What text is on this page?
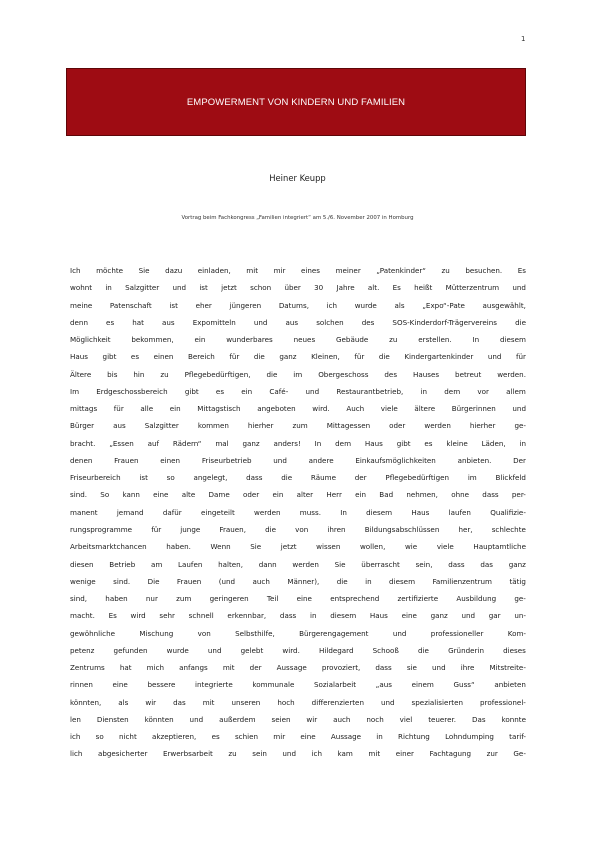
1
EMPOWERMENT VON KINDERN UND FAMILIEN
Heiner Keupp
Vortrag beim Fachkongress „Familien integriert“ am 5./6. November 2007 in Homburg
Ich möchte Sie dazu einladen, mit mir eines meiner „Patenkinder“ zu besuchen. Es
wohnt in Salzgitter und ist jetzt schon über 30 Jahre alt. Es heißt Mütterzentrum und
meine Patenschaft ist eher jüngeren Datums, ich wurde als „Expo“-Pate ausgewählt,
denn	es	hat	aus	Expomitteln	und	aus	solchen	des	SOS-Kinderdorf-Trägervereins	die
Möglichkeit	bekommen,	ein	wunderbares	neues	Gebäude	zu	erstellen.	In	diesem
Haus gibt es einen Bereich für die ganz Kleinen, für die Kindergartenkinder und für
Ältere bis hin zu Pflegebedürftigen, die im Obergeschoss des Hauses betreut werden.
Im Erdgeschossbereich gibt es ein Café- und Restaurantbetrieb, in dem vor allem
mittags für alle ein Mittagstisch angeboten wird. Auch viele ältere Bürgerinnen und
Bürger	aus	Salzgitter	kommen	hierher	zum	Mittagessen	oder	werden	hierher	ge-
bracht. „Essen auf Rädern“ mal ganz anders! In dem Haus gibt es kleine Läden, in
denen	Frauen	einen	Friseurbetrieb	und	andere	Einkaufsmöglichkeiten	anbieten.	Der
Friseurbereich	ist	so	angelegt,	dass	die	Räume	der	Pflegebedürftigen	im	Blickfeld
sind. So kann eine alte Dame oder ein alter Herr ein Bad nehmen, ohne dass per-
manent	jemand	dafür	eingeteilt	werden	muss.	In	diesem	Haus	laufen	Qualifizie-
rungsprogramme	für	junge	Frauen,	die	von	ihren	Bildungsabschlüssen	her,	schlechte
Arbeitsmarktchancen	haben.	Wenn	Sie	jetzt	wissen	wollen,	wie	viele	Hauptamtliche
diesen Betrieb am Laufen halten, dann werden Sie überrascht sein, dass das ganz
wenige sind. Die Frauen (und auch Männer), die in diesem Familienzentrum tätig
sind,	haben	nur	zum	geringeren	Teil	eine	entsprechend	zertifizierte	Ausbildung	ge-
macht. Es wird sehr schnell erkennbar, dass in diesem Haus eine ganz und gar un-
gewöhnliche	Mischung	von	Selbsthilfe,	Bürgerengagement	und	professioneller	Kom-
petenz	gefunden	wurde	und	gelebt	wird.	Hildegard	Schooß	die	Gründerin	dieses
Zentrums hat mich anfangs mit der Aussage provoziert, dass sie und ihre Mitstreite-
rinnen	eine	bessere	integrierte	kommunale	Sozialarbeit	„aus	einem	Guss“	anbieten
könnten, als wir das mit unseren hoch differenzierten und spezialisierten professionel-
len Diensten könnten und außerdem seien wir auch noch viel teuerer. Das konnte
ich so nicht akzeptieren, es schien mir eine Aussage in Richtung Lohndumping tarif-
lich abgesicherter Erwerbsarbeit zu sein und ich kam mit einer Fachtagung zur Ge-
